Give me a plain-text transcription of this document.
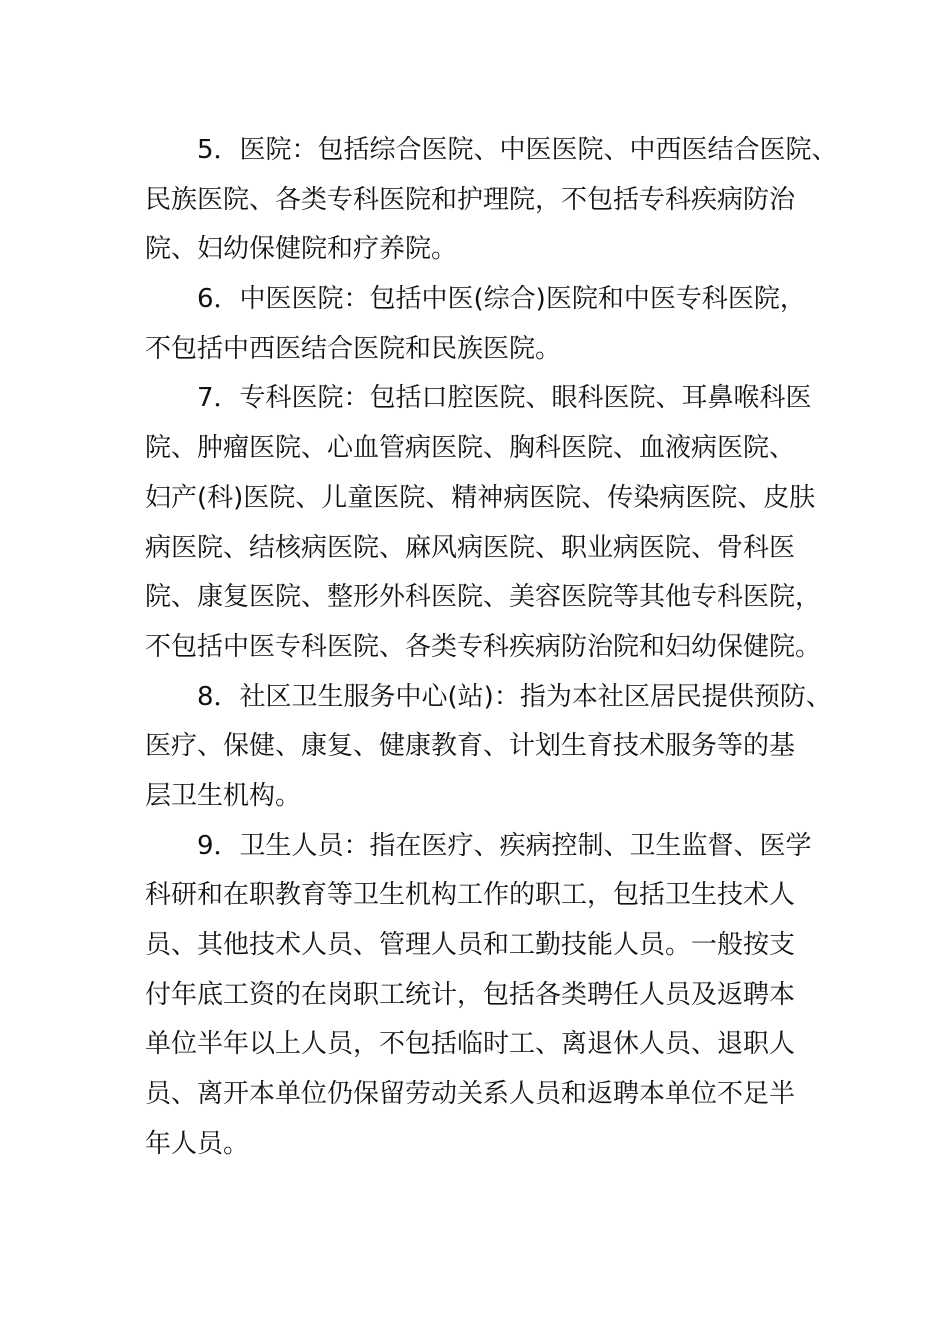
5．医院：包括综合医院、中医医院、中西医结合医院、
民族医院、各类专科医院和护理院，不包括专科疾病防治
院、妇幼保健院和疗养院。

6．中医医院：包括中医(综合)医院和中医专科医院，
不包括中西医结合医院和民族医院。

7．专科医院：包括口腔医院、眼科医院、耳鼻喉科医
院、肿瘤医院、心血管病医院、胸科医院、血液病医院、
妇产(科)医院、儿童医院、精神病医院、传染病医院、皮肤
病医院、结核病医院、麻风病医院、职业病医院、骨科医
院、康复医院、整形外科医院、美容医院等其他专科医院，
不包括中医专科医院、各类专科疾病防治院和妇幼保健院。

8．社区卫生服务中心(站)：指为本社区居民提供预防、
医疗、保健、康复、健康教育、计划生育技术服务等的基
层卫生机构。

9．卫生人员：指在医疗、疾病控制、卫生监督、医学
科研和在职教育等卫生机构工作的职工，包括卫生技术人
员、其他技术人员、管理人员和工勤技能人员。一般按支
付年底工资的在岗职工统计，包括各类聘任人员及返聘本
单位半年以上人员，不包括临时工、离退休人员、退职人
员、离开本单位仍保留劳动关系人员和返聘本单位不足半
年人员。
